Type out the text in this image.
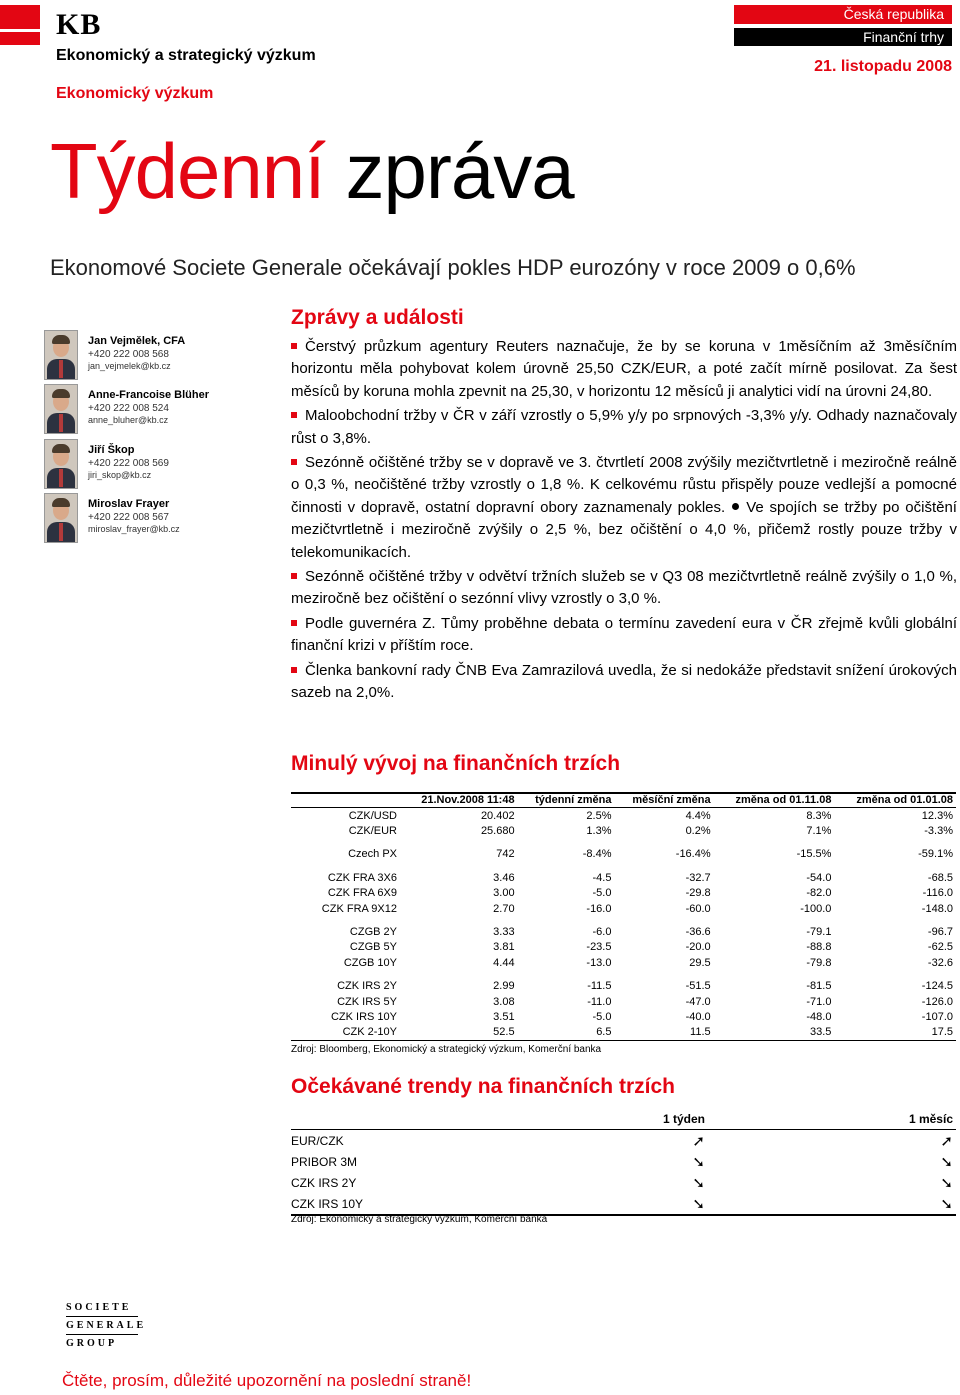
KB
Ekonomický a strategický výzkum
Ekonomický výzkum
Česká republika
Finanční trhy
21. listopadu 2008
Týdenní zpráva
Ekonomové Societe Generale očekávají pokles HDP eurozóny v roce 2009 o 0,6%
Jan Vejmělek, CFA
+420 222 008 568
jan_vejmelek@kb.cz
Anne-Francoise Blüher
+420 222 008 524
anne_bluher@kb.cz
Jiří Škop
+420 222 008 569
jiri_skop@kb.cz
Miroslav Frayer
+420 222 008 567
miroslav_frayer@kb.cz
Zprávy a události

Čerstvý průzkum agentury Reuters naznačuje, že by se koruna v 1měsíčním až 3měsíčním horizontu měla pohybovat kolem úrovně 25,50 CZK/EUR, a poté začít mírně posilovat. Za šest měsíců by koruna mohla zpevnit na 25,30, v horizontu 12 měsíců ji analytici vidí na úrovni 24,80.

Maloobchodní tržby v ČR v září vzrostly o 5,9% y/y po srpnových -3,3% y/y. Odhady naznačovaly růst o 3,8%.

Sezónně očištěné tržby se v dopravě ve 3. čtvrtletí 2008 zvýšily mezičtvrtletně i meziročně reálně o 0,3 %, neočištěné tržby vzrostly o 1,8 %. K celkovému růstu přispěly pouze vedlejší a pomocné činnosti v dopravě, ostatní dopravní obory zaznamenaly pokles. Ve spojích se tržby po očištění mezičtvrtletně i meziročně zvýšily o 2,5 %, bez očištění o 4,0 %, přičemž rostly pouze tržby v telekomunikacích.

Sezónně očištěné tržby v odvětví tržních služeb se v Q3 08 mezičtvrtletně reálně zvýšily o 1,0 %, meziročně bez očištění o sezónní vlivy vzrostly o 3,0 %.

Podle guvernéra Z. Tůmy proběhne debata o termínu zavedení eura v ČR zřejmě kvůli globální finanční krizi v příštím roce.

Členka bankovní rady ČNB Eva Zamrazilová uvedla, že si nedokáže představit snížení úrokových sazeb na 2,0%.

Minulý vývoj na finančních trzích
	21.Nov.2008 11:48	týdenní změna	měsíční změna	změna od 01.11.08	změna od 01.01.08
CZK/USD	20.402	2.5%	4.4%	8.3%	12.3%
CZK/EUR	25.680	1.3%	0.2%	7.1%	-3.3%

Czech PX	742	-8.4%	-16.4%	-15.5%	-59.1%

CZK FRA 3X6	3.46	-4.5	-32.7	-54.0	-68.5
CZK FRA 6X9	3.00	-5.0	-29.8	-82.0	-116.0
CZK FRA 9X12	2.70	-16.0	-60.0	-100.0	-148.0

CZGB 2Y	3.33	-6.0	-36.6	-79.1	-96.7
CZGB 5Y	3.81	-23.5	-20.0	-88.8	-62.5
CZGB 10Y	4.44	-13.0	29.5	-79.8	-32.6

CZK IRS 2Y	2.99	-11.5	-51.5	-81.5	-124.5
CZK IRS 5Y	3.08	-11.0	-47.0	-71.0	-126.0
CZK IRS 10Y	3.51	-5.0	-40.0	-48.0	-107.0
CZK 2-10Y	52.5	6.5	11.5	33.5	17.5
Zdroj: Bloomberg, Ekonomický a strategický výzkum, Komerční banka					
Očekávané trendy na finančních trzích
	1 týden	1 měsíc
EUR/CZK	➚	➚
PRIBOR 3M	➘	➘
CZK IRS 2Y	➘	➘
CZK IRS 10Y	➘	➘
Zdroj: Ekonomický a strategický výzkum, Komerční banka
SOCIETE
GENERALE
GROUP
Čtěte, prosím, důležité upozornění na poslední straně!
